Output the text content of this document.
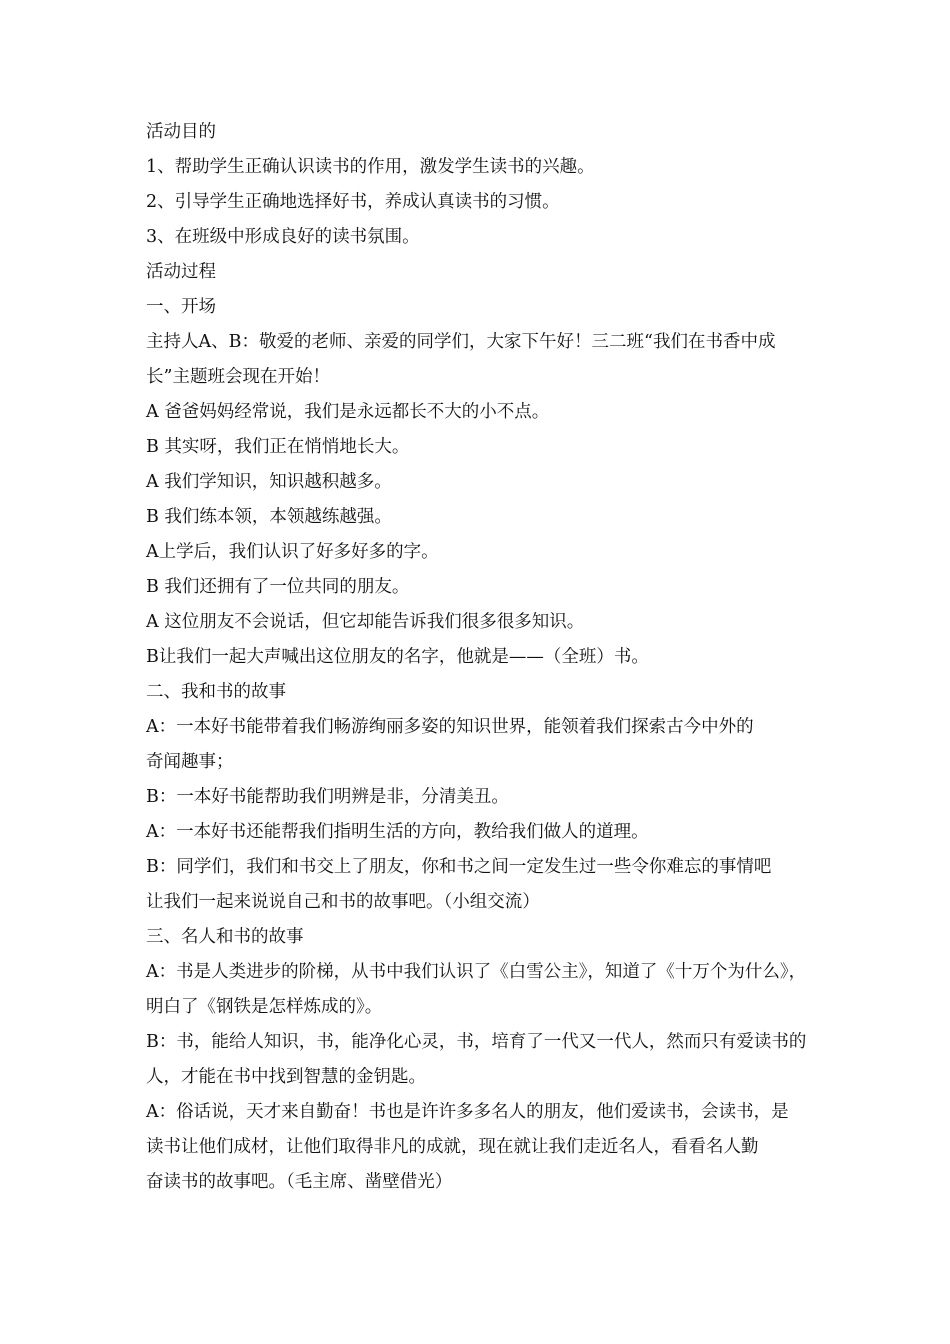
活动目的
1、帮助学生正确认识读书的作用，激发学生读书的兴趣。
2、引导学生正确地选择好书，养成认真读书的习惯。
3、在班级中形成良好的读书氛围。
活动过程
一、开场
主持人A、B：敬爱的老师、亲爱的同学们，大家下午好！三二班“我们在书香中成
长”主题班会现在开始！
A 爸爸妈妈经常说，我们是永远都长不大的小不点。
B 其实呀，我们正在悄悄地长大。
A 我们学知识，知识越积越多。
B 我们练本领，本领越练越强。
A上学后，我们认识了好多好多的字。
B 我们还拥有了一位共同的朋友。
A 这位朋友不会说话，但它却能告诉我们很多很多知识。
B让我们一起大声喊出这位朋友的名字，他就是——（全班）书。
二、我和书的故事
A：一本好书能带着我们畅游绚丽多姿的知识世界，能领着我们探索古今中外的
奇闻趣事；
B：一本好书能帮助我们明辨是非，分清美丑。
A：一本好书还能帮我们指明生活的方向，教给我们做人的道理。
B：同学们，我们和书交上了朋友，你和书之间一定发生过一些令你难忘的事情吧
让我们一起来说说自己和书的故事吧。（小组交流）
三、名人和书的故事
A：书是人类进步的阶梯，从书中我们认识了《白雪公主》，知道了《十万个为什么》，
明白了《钢铁是怎样炼成的》。
B：书，能给人知识，书，能净化心灵，书，培育了一代又一代人，然而只有爱读书的
人，才能在书中找到智慧的金钥匙。
A：俗话说，天才来自勤奋！书也是许许多多名人的朋友，他们爱读书，会读书，是
读书让他们成材，让他们取得非凡的成就，现在就让我们走近名人，看看名人勤
奋读书的故事吧。（毛主席、凿壁借光）
